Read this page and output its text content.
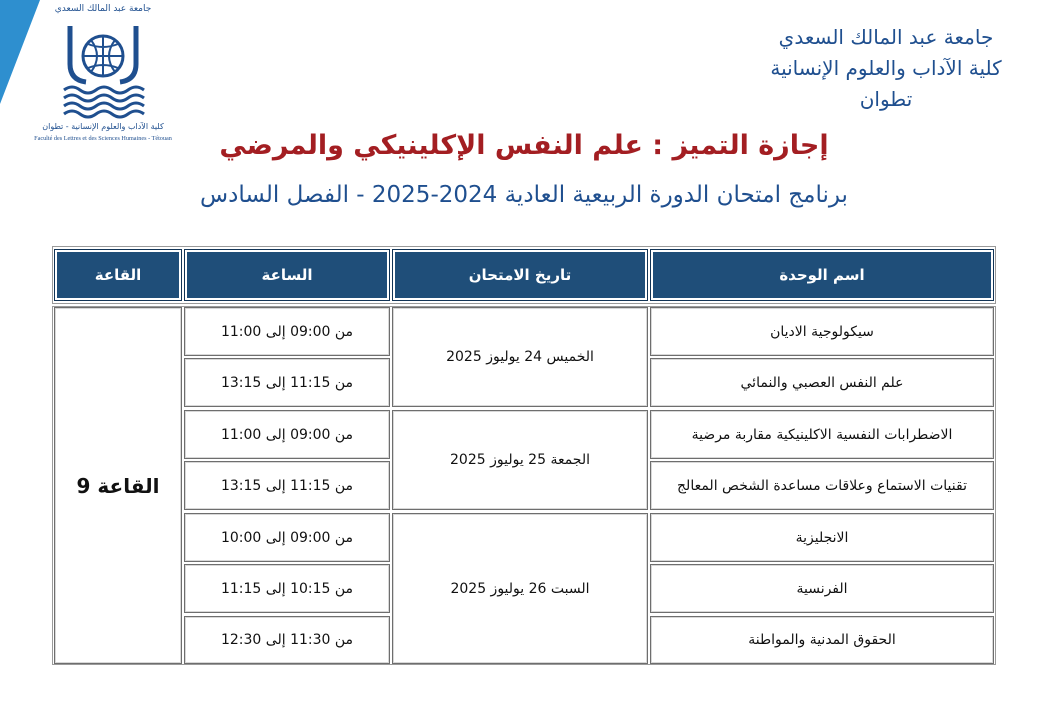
جامعة عبد المالك السعدي
كلية الآداب والعلوم الإنسانية - تطوان
Faculté des Lettres et des Sciences Humaines - Tétouan
جامعة عبد المالك السعدي
كلية الآداب والعلوم الإنسانية
تطوان
إجازة التميز : علم النفس الإكلينيكي والمرضي
برنامج امتحان الدورة الربيعية العادية 2024-2025 - الفصل السادس
اسم الوحدة
تاريخ الامتحان
الساعة
القاعة
سيكولوجية الاديان
علم النفس العصبي والنمائي
الاضطرابات النفسية الاكلينيكية مقاربة مرضية
تقنيات الاستماع وعلاقات مساعدة الشخص المعالج
الانجليزية
الفرنسية
الحقوق المدنية والمواطنة
الخميس 24 يوليوز 2025
الجمعة 25 يوليوز 2025
السبت 26 يوليوز 2025
من 09:00 إلى 11:00
من 11:15 إلى 13:15
من 09:00 إلى 11:00
من 11:15 إلى 13:15
من 09:00 إلى 10:00
من 10:15 إلى 11:15
من 11:30 إلى 12:30
القاعة 9
